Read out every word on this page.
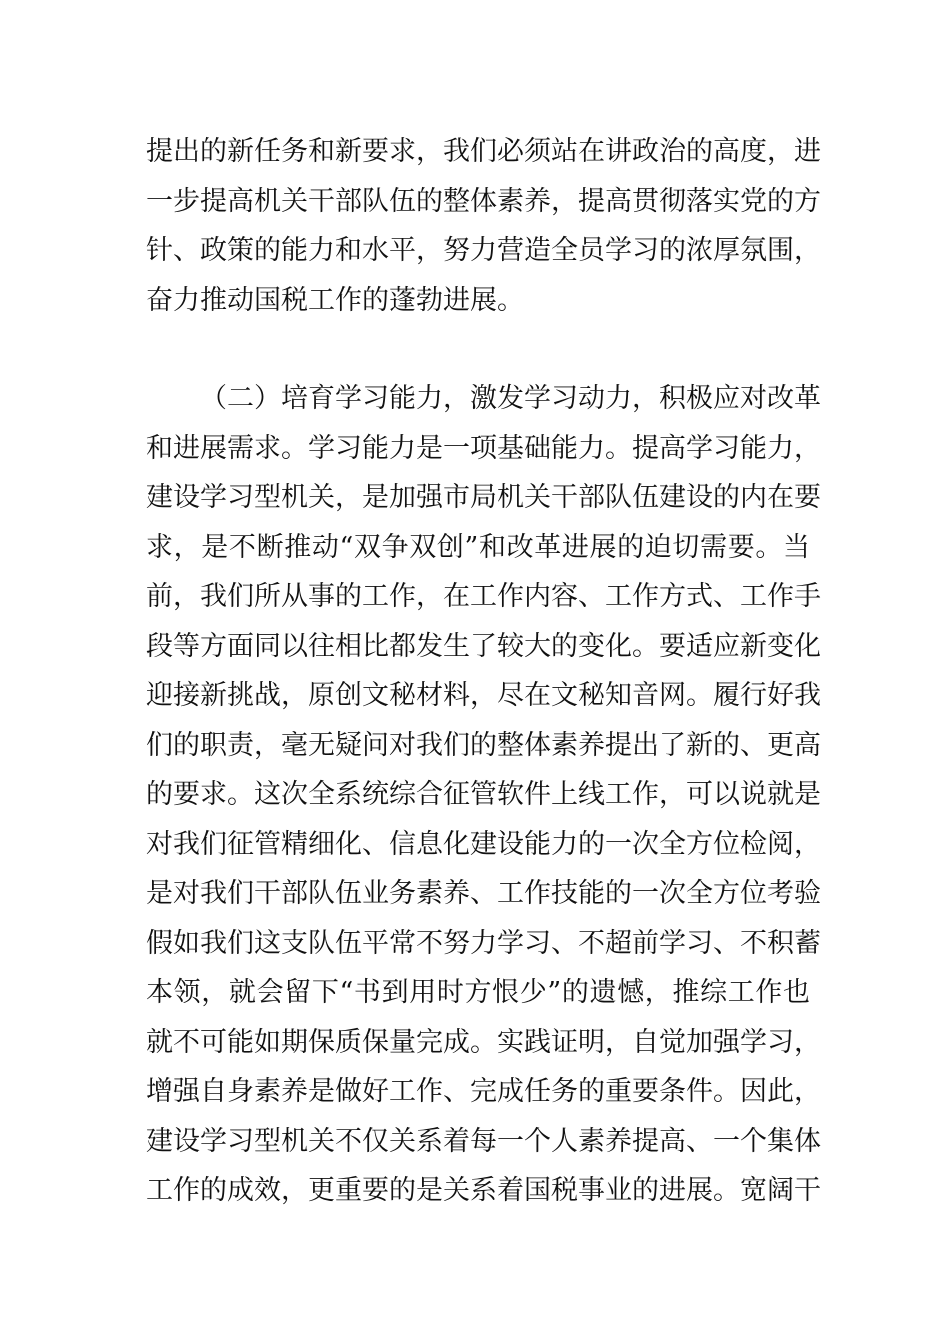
提出的新任务和新要求，我们必须站在讲政治的高度，进
一步提高机关干部队伍的整体素养，提高贯彻落实党的方
针、政策的能力和水平，努力营造全员学习的浓厚氛围，
奋力推动国税工作的蓬勃进展。

（二）培育学习能力，激发学习动力，积极应对改革
和进展需求。学习能力是一项基础能力。提高学习能力，
建设学习型机关，是加强市局机关干部队伍建设的内在要
求，是不断推动“双争双创”和改革进展的迫切需要。当
前，我们所从事的工作，在工作内容、工作方式、工作手
段等方面同以往相比都发生了较大的变化。要适应新变化
迎接新挑战，原创文秘材料，尽在文秘知音网。履行好我
们的职责，毫无疑问对我们的整体素养提出了新的、更高
的要求。这次全系统综合征管软件上线工作，可以说就是
对我们征管精细化、信息化建设能力的一次全方位检阅，
是对我们干部队伍业务素养、工作技能的一次全方位考验
假如我们这支队伍平常不努力学习、不超前学习、不积蓄
本领，就会留下“书到用时方恨少”的遗憾，推综工作也
就不可能如期保质保量完成。实践证明，自觉加强学习，
增强自身素养是做好工作、完成任务的重要条件。因此，
建设学习型机关不仅关系着每一个人素养提高、一个集体
工作的成效，更重要的是关系着国税事业的进展。宽阔干
